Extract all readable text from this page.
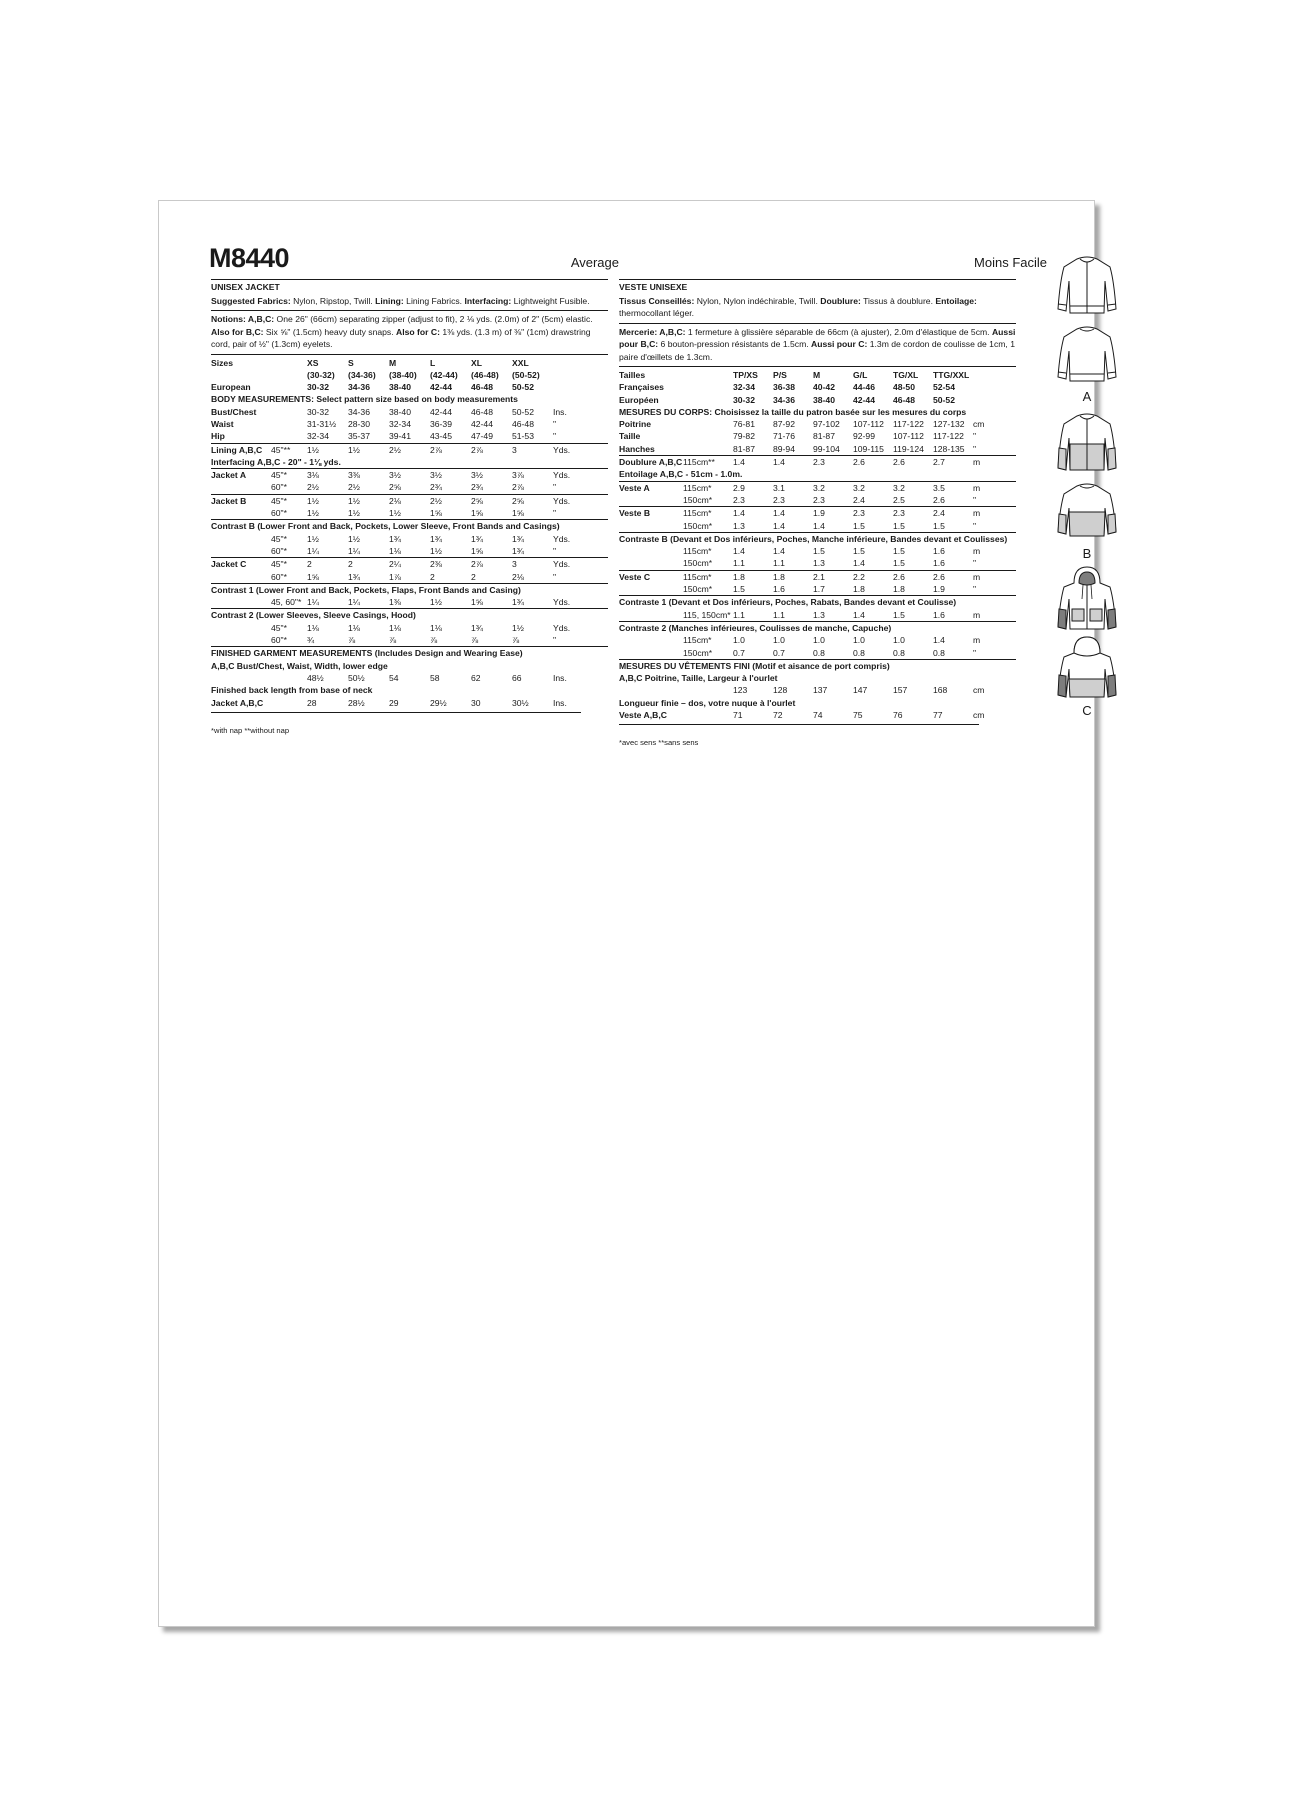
M8440	Average	Moins Facile
UNISEX JACKET
Suggested Fabrics: Nylon, Ripstop, Twill. Lining: Lining Fabrics. Interfacing: Lightweight Fusible.
Notions: A,B,C: One 26" (66cm) separating zipper (adjust to fit), 2 ⅛ yds. (2.0m) of 2" (5cm) elastic. Also for B,C: Six ⅝" (1.5cm) heavy duty snaps. Also for C: 1⅜ yds. (1.3 m) of ⅜" (1cm) drawstring cord, pair of ½" (1.3cm) eyelets.
Sizes		XS	S	M	L	XL	XXL	
		(30-32)	(34-36)	(38-40)	(42-44)	(46-48)	(50-52)	
European		30-32	34-36	38-40	42-44	46-48	50-52	
BODY MEASUREMENTS: Select pattern size based on body measurements								
Bust/Chest		30-32	34-36	38-40	42-44	46-48	50-52	Ins.
Waist		31-31½	28-30	32-34	36-39	42-44	46-48	"
Hip		32-34	35-37	39-41	43-45	47-49	51-53	"
Lining A,B,C	45"**	1½	1½	2½	2⅞	2⅞	3	Yds.
Interfacing A,B,C - 20" - 1⅛ yds.								
Jacket A	45"*	3⅛	3⅜	3½	3½	3½	3⅞	Yds.
	60"*	2½	2½	2⅝	2¾	2¾	2⅞	"
Jacket B	45"*	1½	1½	2⅛	2½	2⅝	2⅝	Yds.
	60"*	1½	1½	1½	1⅝	1⅝	1⅝	"
Contrast B (Lower Front and Back, Pockets, Lower Sleeve, Front Bands and Casings)								
	45"*	1½	1½	1¾	1¾	1¾	1¾	Yds.
	60"*	1¼	1¼	1⅛	1½	1⅝	1¾	"
Jacket C	45"*	2	2	2¼	2⅜	2⅞	3	Yds.
	60"*	1⅝	1¾	1⅞	2	2	2⅛	"
Contrast 1 (Lower Front and Back, Pockets, Flaps, Front Bands and Casing)								
	45, 60"*	1¼	1¼	1⅜	1½	1⅝	1¾	Yds.
Contrast 2 (Lower Sleeves, Sleeve Casings, Hood)								
	45"*	1⅛	1⅛	1⅛	1⅛	1¾	1½	Yds.
	60"*	¾	⅞	⅞	⅞	⅞	⅞	"
FINISHED GARMENT MEASUREMENTS (Includes Design and Wearing Ease)								
A,B,C Bust/Chest, Waist, Width, lower edge								
		48½	50½	54	58	62	66	Ins.
Finished back length from base of neck								
Jacket A,B,C		28	28½	29	29½	30	30½	Ins.
*with nap **without nap
VESTE UNISEXE
Tissus Conseillés: Nylon, Nylon indéchirable, Twill. Doublure: Tissus à doublure. Entoilage: thermocollant léger.
Mercerie: A,B,C: 1 fermeture à glissière séparable de 66cm (à ajuster), 2.0m d'élastique de 5cm. Aussi pour B,C: 6 bouton-pression résistants de 1.5cm. Aussi pour C: 1.3m de cordon de coulisse de 1cm, 1 paire d'œillets de 1.3cm.
Tailles		TP/XS	P/S	M	G/L	TG/XL	TTG/XXL	
Françaises		32-34	36-38	40-42	44-46	48-50	52-54	
Européen		30-32	34-36	38-40	42-44	46-48	50-52	
MESURES DU CORPS: Choisissez la taille du patron basée sur les mesures du corps								
Poitrine		76-81	87-92	97-102	107-112	117-122	127-132	cm
Taille		79-82	71-76	81-87	92-99	107-112	117-122	"
Hanches		81-87	89-94	99-104	109-115	119-124	128-135	"
Doublure A,B,C	115cm**	1.4	1.4	2.3	2.6	2.6	2.7	m
Entoilage A,B,C - 51cm - 1.0m.								
Veste A	115cm*	2.9	3.1	3.2	3.2	3.2	3.5	m
	150cm*	2.3	2.3	2.3	2.4	2.5	2.6	"
Veste B	115cm*	1.4	1.4	1.9	2.3	2.3	2.4	m
	150cm*	1.3	1.4	1.4	1.5	1.5	1.5	"
Contraste B (Devant et Dos inférieurs, Poches, Manche inférieure, Bandes devant et Coulisses)								
	115cm*	1.4	1.4	1.5	1.5	1.5	1.6	m
	150cm*	1.1	1.1	1.3	1.4	1.5	1.6	"
Veste C	115cm*	1.8	1.8	2.1	2.2	2.6	2.6	m
	150cm*	1.5	1.6	1.7	1.8	1.8	1.9	"
Contraste 1 (Devant et Dos inférieurs, Poches, Rabats, Bandes devant et Coulisse)								
	115, 150cm*	1.1	1.1	1.3	1.4	1.5	1.6	m
Contraste 2 (Manches inférieures, Coulisses de manche, Capuche)								
	115cm*	1.0	1.0	1.0	1.0	1.0	1.4	m
	150cm*	0.7	0.7	0.8	0.8	0.8	0.8	"
MESURES DU VÊTEMENTS FINI (Motif et aisance de port compris)								
A,B,C Poitrine, Taille, Largeur à l'ourlet								
		123	128	137	147	157	168	cm
Longueur finie – dos, votre nuque à l'ourlet								
Veste A,B,C		71	72	74	75	76	77	cm
*avec sens **sans sens
A
B
C
